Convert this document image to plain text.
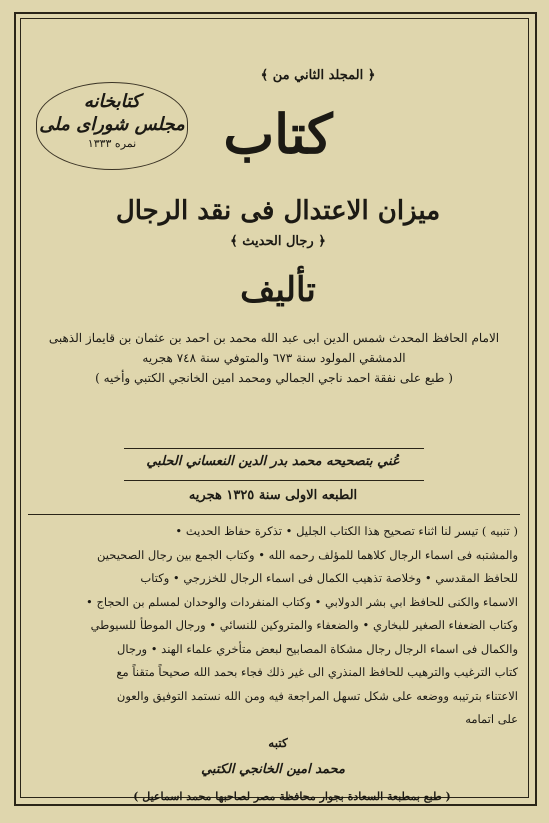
﴿ المجلد الثاني من ﴾
كتابخانه
مجلس شورای ملی
نمره ١٣٣٣	كتاب
ميزان الاعتدال فى نقد الرجال
﴿ رجال الحديث ﴾
تأليف
الامام الحافظ المحدث شمس الدين ابى عبد الله محمد بن احمد بن عثمان بن قايماز الذهبى
الدمشقي المولود سنة ٦٧٣ والمتوفي سنة ٧٤٨ هجريه
( طبع على نفقة احمد ناجي الجمالي ومحمد امين الخانجي الكتبي وأخيه )
عُني بتصحيحه محمد بدر الدين النعساني الحلبي
الطبعه الاولى سنة ١٣٢٥ هجريه

( تنبيه ) تيسر لنا اثناء تصحيح هذا الكتاب الجليل • تذكرة حفاظ الحديث •

والمشتبه فى اسماء الرجال كلاهما للمؤلف رحمه الله • وكتاب الجمع بين رجال الصحيحين

للحافظ المقدسي • وخلاصة تذهيب الكمال فى اسماء الرجال للخزرجي • وكتاب

الاسماء والكنى للحافظ ابي بشر الدولابي • وكتاب المنفردات والوحدان لمسلم بن الحجاج •

وكتاب الضعفاء الصغير للبخاري • والضعفاء والمتروكين للنسائي • ورجال الموطأ للسيوطي

والكمال فى اسماء الرجال رجال مشكاة المصابيح لبعض متأخري علماء الهند • ورجال

كتاب الترغيب والترهيب للحافظ المنذري الى غير ذلك فجاء بحمد الله صحيحاً متقناً مع

الاعتناء بترتيبه ووضعه على شكل تسهل المراجعة فيه ومن الله نستمد التوفيق والعون

على اتمامه

كتبه
محمد امين الخانجي الكتبي
( طبع بمطبعة السعادة بجوار محافظة مصر لصاحبها محمد اسماعيل )
